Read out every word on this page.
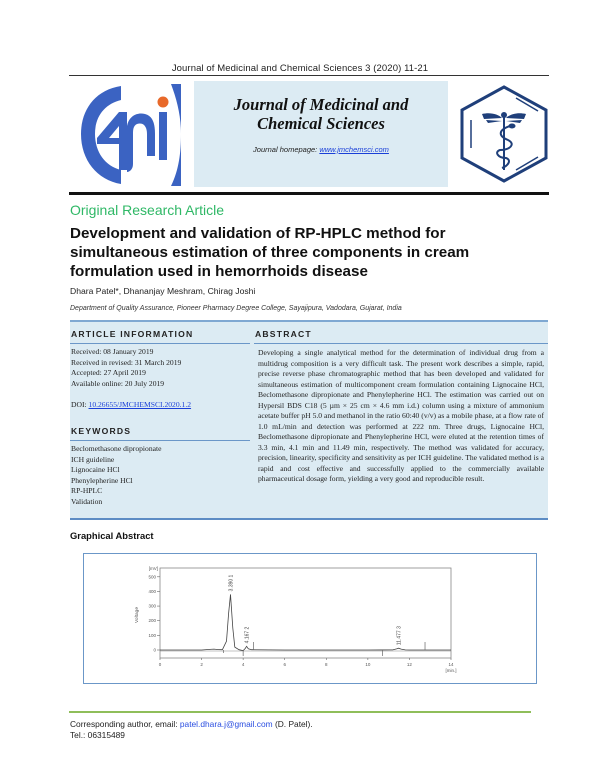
Journal of Medicinal and Chemical Sciences 3 (2020) 11-21
Journal of Medicinal and Chemical Sciences
Journal homepage: www.jmchemsci.com
Original Research Article
Development and validation of RP-HPLC method for simultaneous estimation of three components in cream formulation used in hemorrhoids disease
Dhara Patel*, Dhananjay Meshram, Chirag Joshi
Department of Quality Assurance, Pioneer Pharmacy Degree College, Sayajipura, Vadodara, Gujarat, India
ARTICLE INFORMATION
Received: 08 January 2019
Received in revised: 31 March 2019
Accepted: 27 April 2019
Available online: 20 July 2019
DOI: 10.26655/JMCHEMSCI.2020.1.2
KEYWORDS
Beclomethasone dipropionate
ICH guideline
Lignocaine HCl
Phenylepherine HCl
RP-HPLC
Validation
ABSTRACT
Developing a single analytical method for the determination of individual drug from a multidrug composition is a very difficult task. The present work describes a simple, rapid, precise reverse phase chromatographic method that has been developed and validated for simultaneous estimation of multicomponent cream formulation containing Lignocaine HCl, Beclomethasone dipropionate and Phenylepherine HCl. The estimation was carried out on Hypersil BDS C18 (5 µm × 25 cm × 4.6 mm i.d.) column using a mixture of ammonium acetate buffer pH 5.0 and methanol in the ratio 60:40 (v/v) as a mobile phase, at a flow rate of 1.0 mL/min and detection was performed at 222 nm. Three drugs, Lignocaine HCl, Beclomethasone dipropionate and Phenylepherine HCl, were eluted at the retention times of 3.3 min, 4.1 min and 11.49 min, respectively. The method was validated for accuracy, precision, linearity, specificity and sensitivity as per ICH guideline. The validated method is a rapid and cost effective and successfully applied to the commercially available pharmaceutical dosage form, yielding a very good and reproducible result.
Graphical Abstract
[mV]
0
100
200
300
400
500
Voltage
0	2	4	6	8	10	12	14
[min.]
3.390 1
4.167 2	11.477 3
Corresponding author, email: patel.dhara.j@gmail.com (D. Patel).
Tel.: 06315489
